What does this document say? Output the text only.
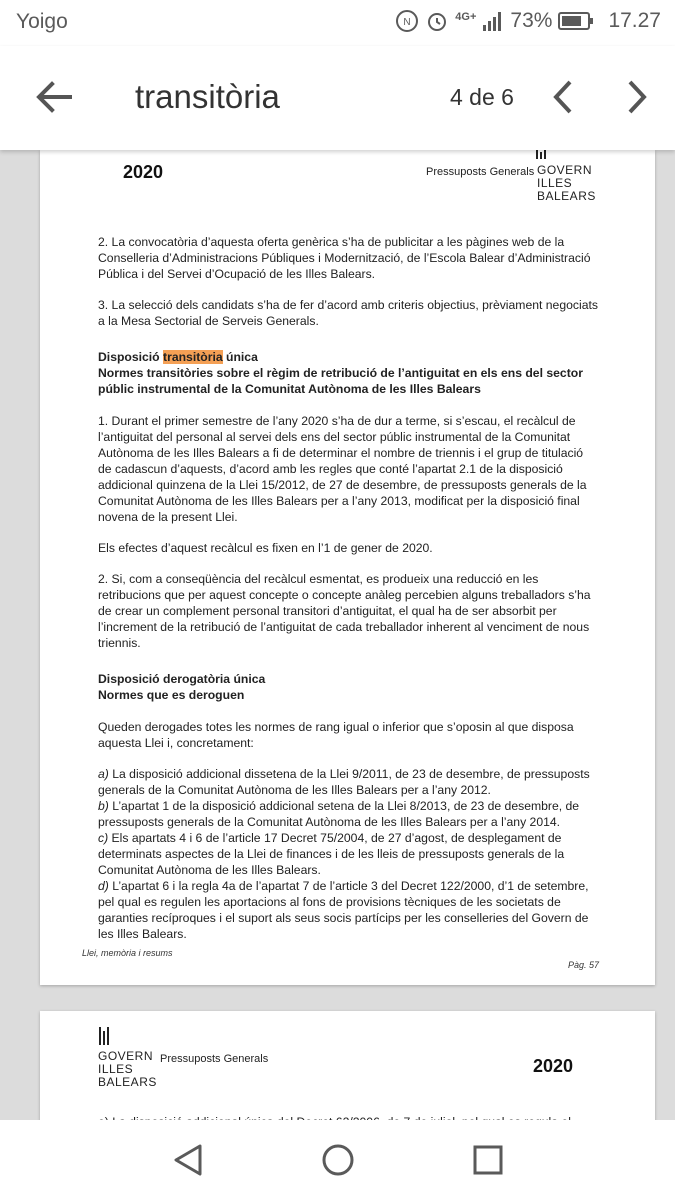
Yoigo	N	4G+ 73%	17.27
transitòria	4 de 6
2020	Pressuposts Generals GOVERN
ILLES
BALEARS

2. La convocatòria d’aquesta oferta genèrica s’ha de publicitar a les pàgines web de la Conselleria d’Administracions Públiques i Modernització, de l’Escola Balear d’Administració Pública i del Servei d’Ocupació de les Illes Balears.

3. La selecció dels candidats s’ha de fer d’acord amb criteris objectius, prèviament negociats a la Mesa Sectorial de Serveis Generals.

Disposició transitòria única

Normes transitòries sobre el règim de retribució de l’antiguitat en els ens del sector públic instrumental de la Comunitat Autònoma de les Illes Balears

1. Durant el primer semestre de l’any 2020 s’ha de dur a terme, si s’escau, el recàlcul de l’antiguitat del personal al servei dels ens del sector públic instrumental de la Comunitat Autònoma de les Illes Balears a fi de determinar el nombre de triennis i el grup de titulació de cadascun d’aquests, d’acord amb les regles que conté l’apartat 2.1 de la disposició addicional quinzena de la Llei 15/2012, de 27 de desembre, de pressuposts generals de la Comunitat Autònoma de les Illes Balears per a l’any 2013, modificat per la disposició final novena de la present Llei.

Els efectes d’aquest recàlcul es fixen en l’1 de gener de 2020.

2. Si, com a conseqüència del recàlcul esmentat, es produeix una reducció en les retribucions que per aquest concepte o concepte anàleg percebien alguns treballadors s’ha de crear un complement personal transitori d’antiguitat, el qual ha de ser absorbit per l’increment de la retribució de l’antiguitat de cada treballador inherent al venciment de nous triennis.

Disposició derogatòria única

Normes que es deroguen

Queden derogades totes les normes de rang igual o inferior que s’oposin al que disposa aquesta Llei i, concretament:

a) La disposició addicional dissetena de la Llei 9/2011, de 23 de desembre, de pressuposts generals de la Comunitat Autònoma de les Illes Balears per a l’any 2012.
b) L’apartat 1 de la disposició addicional setena de la Llei 8/2013, de 23 de desembre, de pressuposts generals de la Comunitat Autònoma de les Illes Balears per a l’any 2014.
c) Els apartats 4 i 6 de l’article 17 Decret 75/2004, de 27 d’agost, de desplegament de determinats aspectes de la Llei de finances i de les lleis de pressuposts generals de la Comunitat Autònoma de les Illes Balears.
d) L’apartat 6 i la regla 4a de l’apartat 7 de l’article 3 del Decret 122/2000, d’1 de setembre, pel qual es regulen les aportacions al fons de provisions tècniques de les societats de garanties recíproques i el suport als seus socis partícips per les conselleries del Govern de les Illes Balears.
Llei, memòria i resums
Pàg. 57
GOVERN
ILLES
BALEARS
Pressuposts Generals	2020
